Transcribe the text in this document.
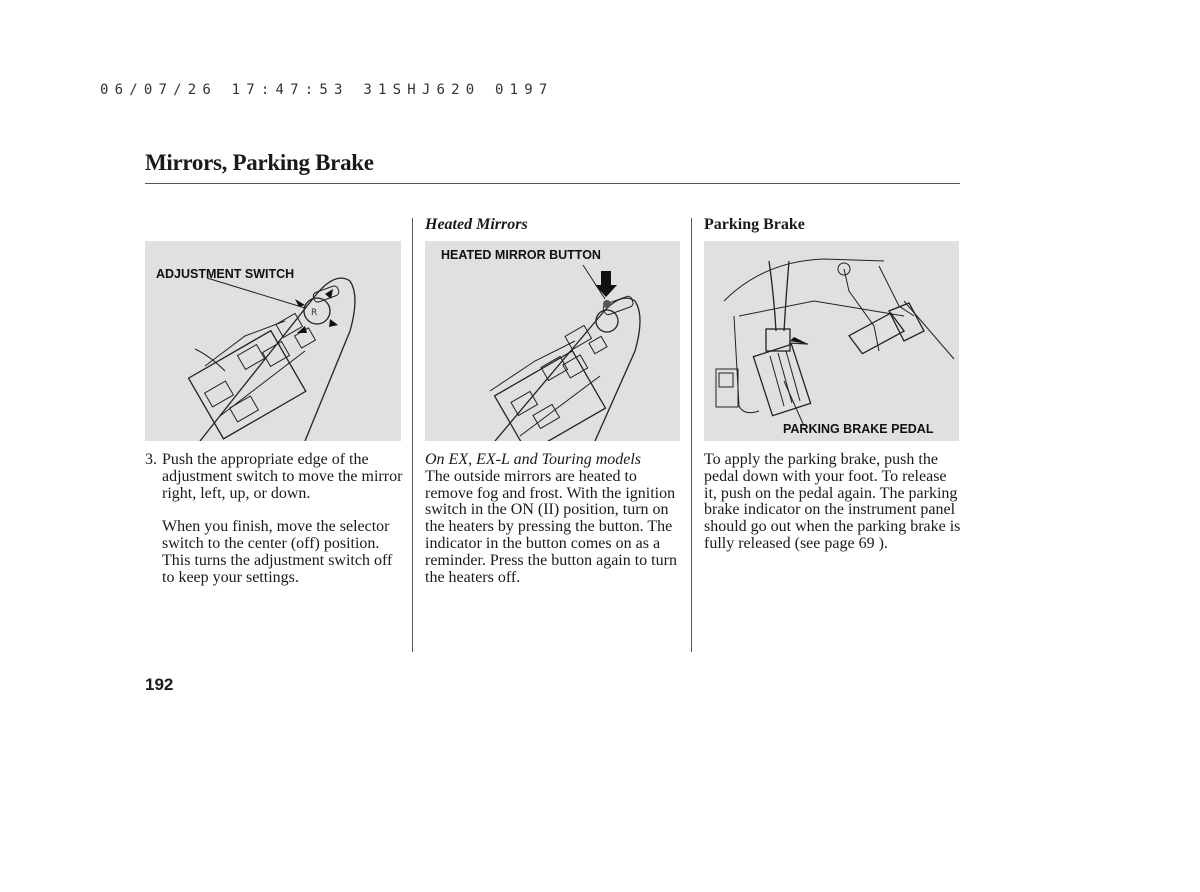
06/07/26 17:47:53 31SHJ620 0197
Mirrors, Parking Brake
Heated Mirrors	Parking Brake
R
ADJUSTMENT SWITCH
HEATED MIRROR BUTTON
PARKING BRAKE PEDAL
3. Push the appropriate edge of the adjustment switch to move the mirror right, left, up, or down.
When you finish, move the selector switch to the center (off) position. This turns the adjustment switch off to keep your settings.
On EX, EX-L and Touring models
The outside mirrors are heated to remove fog and frost. With the ignition switch in the ON (II) position, turn on the heaters by pressing the button. The indicator in the button comes on as a reminder. Press the button again to turn the heaters off.
To apply the parking brake, push the pedal down with your foot. To release it, push on the pedal again. The parking brake indicator on the instrument panel should go out when the parking brake is fully released (see page 69 ).
192
